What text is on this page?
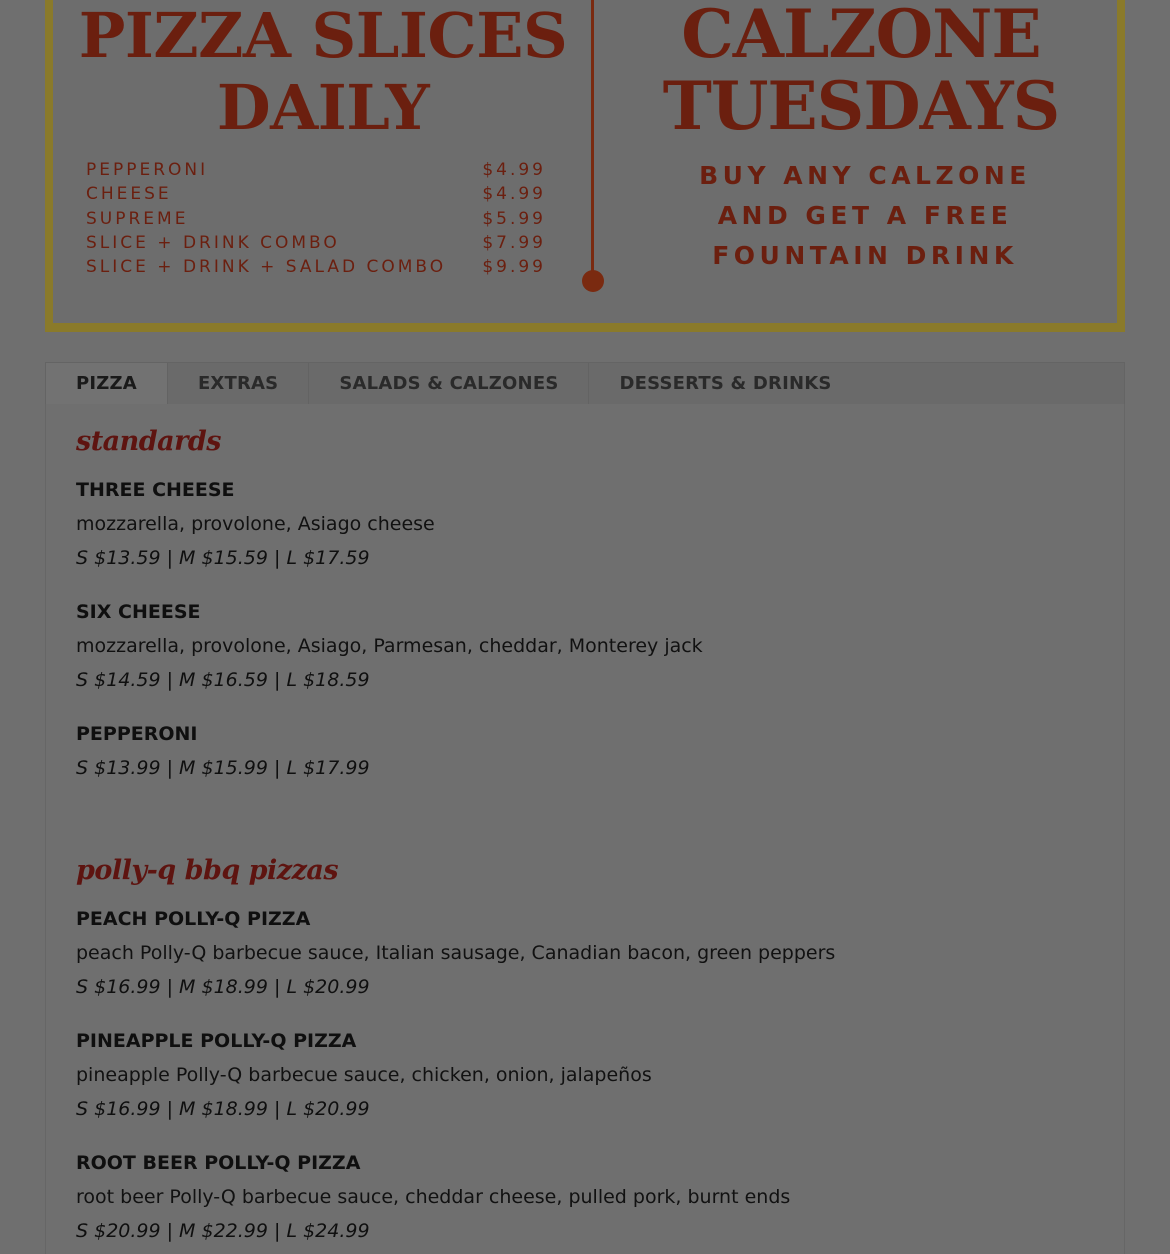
PIZZA SLICES
DAILY
PEPPERONI	$4.99
CHEESE	$4.99
SUPREME	$5.99
SLICE + DRINK COMBO	$7.99
SLICE + DRINK + SALAD COMBO $9.99
CALZONE
TUESDAYS
BUY ANY CALZONE
AND GET A FREE
FOUNTAIN DRINK
PIZZA	EXTRAS	SALADS & CALZONES	DESSERTS & DRINKS
standards
THREE CHEESE
mozzarella, provolone, Asiago cheese
S $13.59 | M $15.59 | L $17.59
SIX CHEESE
mozzarella, provolone, Asiago, Parmesan, cheddar, Monterey jack
S $14.59 | M $16.59 | L $18.59
PEPPERONI
S $13.99 | M $15.99 | L $17.99
polly-q bbq pizzas
PEACH POLLY-Q PIZZA
peach Polly-Q barbecue sauce, Italian sausage, Canadian bacon, green peppers
S $16.99 | M $18.99 | L $20.99
PINEAPPLE POLLY-Q PIZZA
pineapple Polly-Q barbecue sauce, chicken, onion, jalapeños
S $16.99 | M $18.99 | L $20.99
ROOT BEER POLLY-Q PIZZA
root beer Polly-Q barbecue sauce, cheddar cheese, pulled pork, burnt ends
S $20.99 | M $22.99 | L $24.99
